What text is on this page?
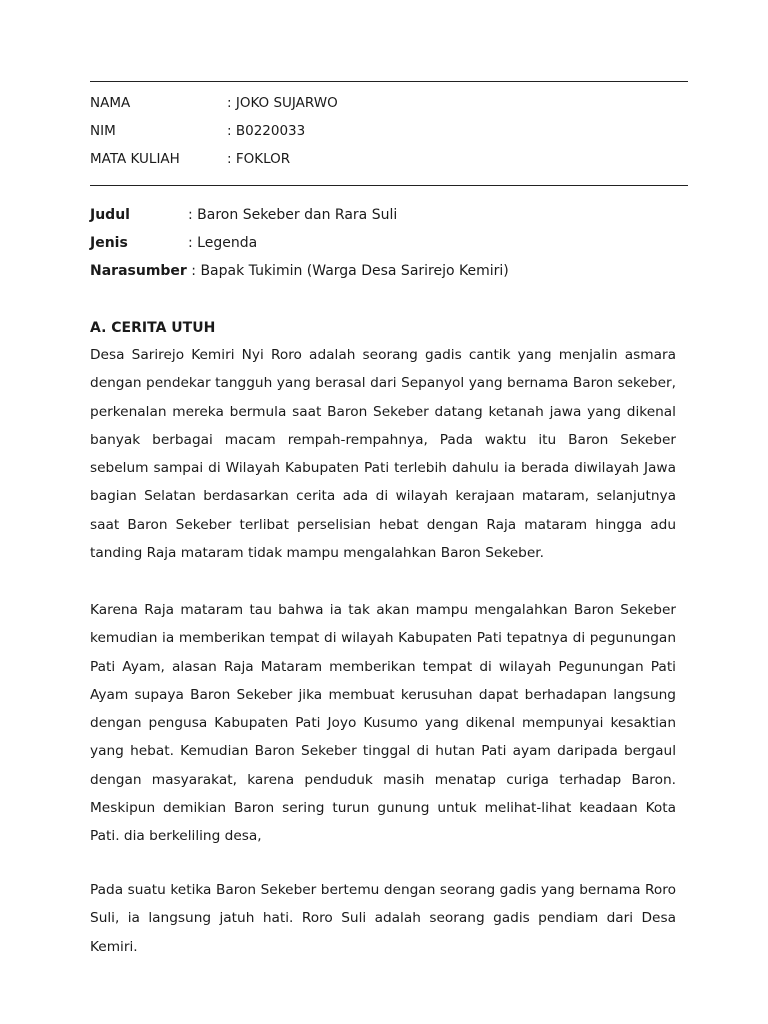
NAMA	: JOKO SUJARWO
NIM	: B0220033
MATA KULIAH	: FOKLOR
Judul	: Baron Sekeber dan Rara Suli
Jenis	: Legenda
Narasumber : Bapak Tukimin (Warga Desa Sarirejo Kemiri)
A. CERITA UTUH

Desa Sarirejo Kemiri Nyi Roro adalah seorang gadis cantik yang menjalin asmara dengan pendekar tangguh yang berasal dari Sepanyol yang bernama Baron sekeber, perkenalan mereka bermula saat Baron Sekeber datang ketanah jawa yang dikenal banyak berbagai macam rempah-rempahnya, Pada waktu itu Baron Sekeber sebelum sampai di Wilayah Kabupaten Pati terlebih dahulu ia berada diwilayah Jawa bagian Selatan berdasarkan cerita ada di wilayah kerajaan mataram, selanjutnya saat Baron Sekeber terlibat perselisian hebat dengan Raja mataram hingga adu tanding Raja mataram tidak mampu mengalahkan Baron Sekeber.

Karena Raja mataram tau bahwa ia tak akan mampu mengalahkan Baron Sekeber kemudian ia memberikan tempat di wilayah Kabupaten Pati tepatnya di pegunungan Pati Ayam, alasan Raja Mataram memberikan tempat di wilayah Pegunungan Pati Ayam supaya Baron Sekeber jika membuat kerusuhan dapat berhadapan langsung dengan pengusa Kabupaten Pati Joyo Kusumo yang dikenal mempunyai kesaktian yang hebat. Kemudian Baron Sekeber tinggal di hutan Pati ayam daripada bergaul dengan masyarakat, karena penduduk masih menatap curiga terhadap Baron. Meskipun demikian Baron sering turun gunung untuk melihat-lihat keadaan Kota Pati. dia berkeliling desa,

Pada suatu ketika Baron Sekeber bertemu dengan seorang gadis yang bernama Roro Suli, ia langsung jatuh hati. Roro Suli adalah seorang gadis pendiam dari Desa Kemiri.
